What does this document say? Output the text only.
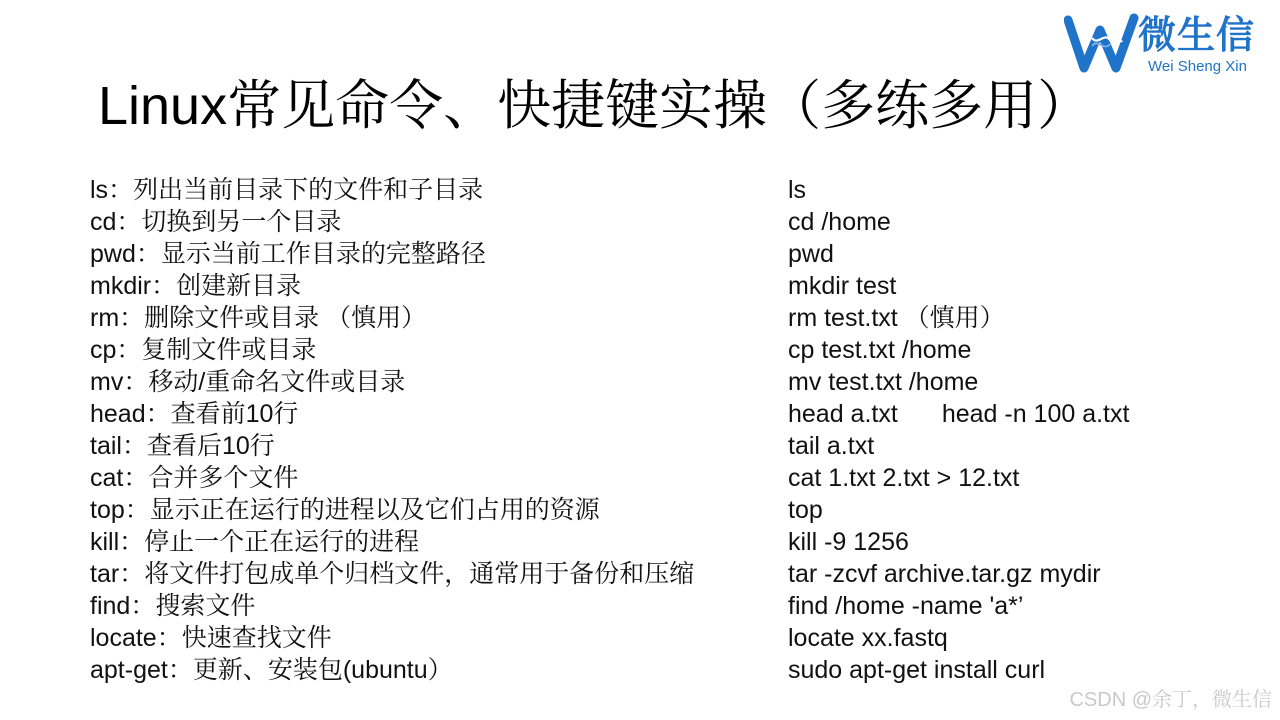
微生信
Wei Sheng Xin
Linux常见命令、快捷键实操（多练多用）
ls：列出当前目录下的文件和子目录
cd：切换到另一个目录
pwd：显示当前工作目录的完整路径
mkdir：创建新目录
rm：删除文件或目录 （慎用）
cp：复制文件或目录
mv：移动/重命名文件或目录
head：查看前10行
tail：查看后10行
cat：合并多个文件
top：显示正在运行的进程以及它们占用的资源
kill：停止一个正在运行的进程
tar：将文件打包成单个归档文件，通常用于备份和压缩
find：搜索文件
locate：快速查找文件
apt-get：更新、安装包(ubuntu）
ls
cd /home
pwd
mkdir test
rm test.txt （慎用）
cp test.txt /home
mv test.txt /home
head a.txt head -n 100 a.txt
tail a.txt
cat 1.txt 2.txt > 12.txt
top
kill -9 1256
tar -zcvf archive.tar.gz mydir
find /home -name 'a*’
locate xx.fastq
sudo apt-get install curl
CSDN @余丁，微生信
